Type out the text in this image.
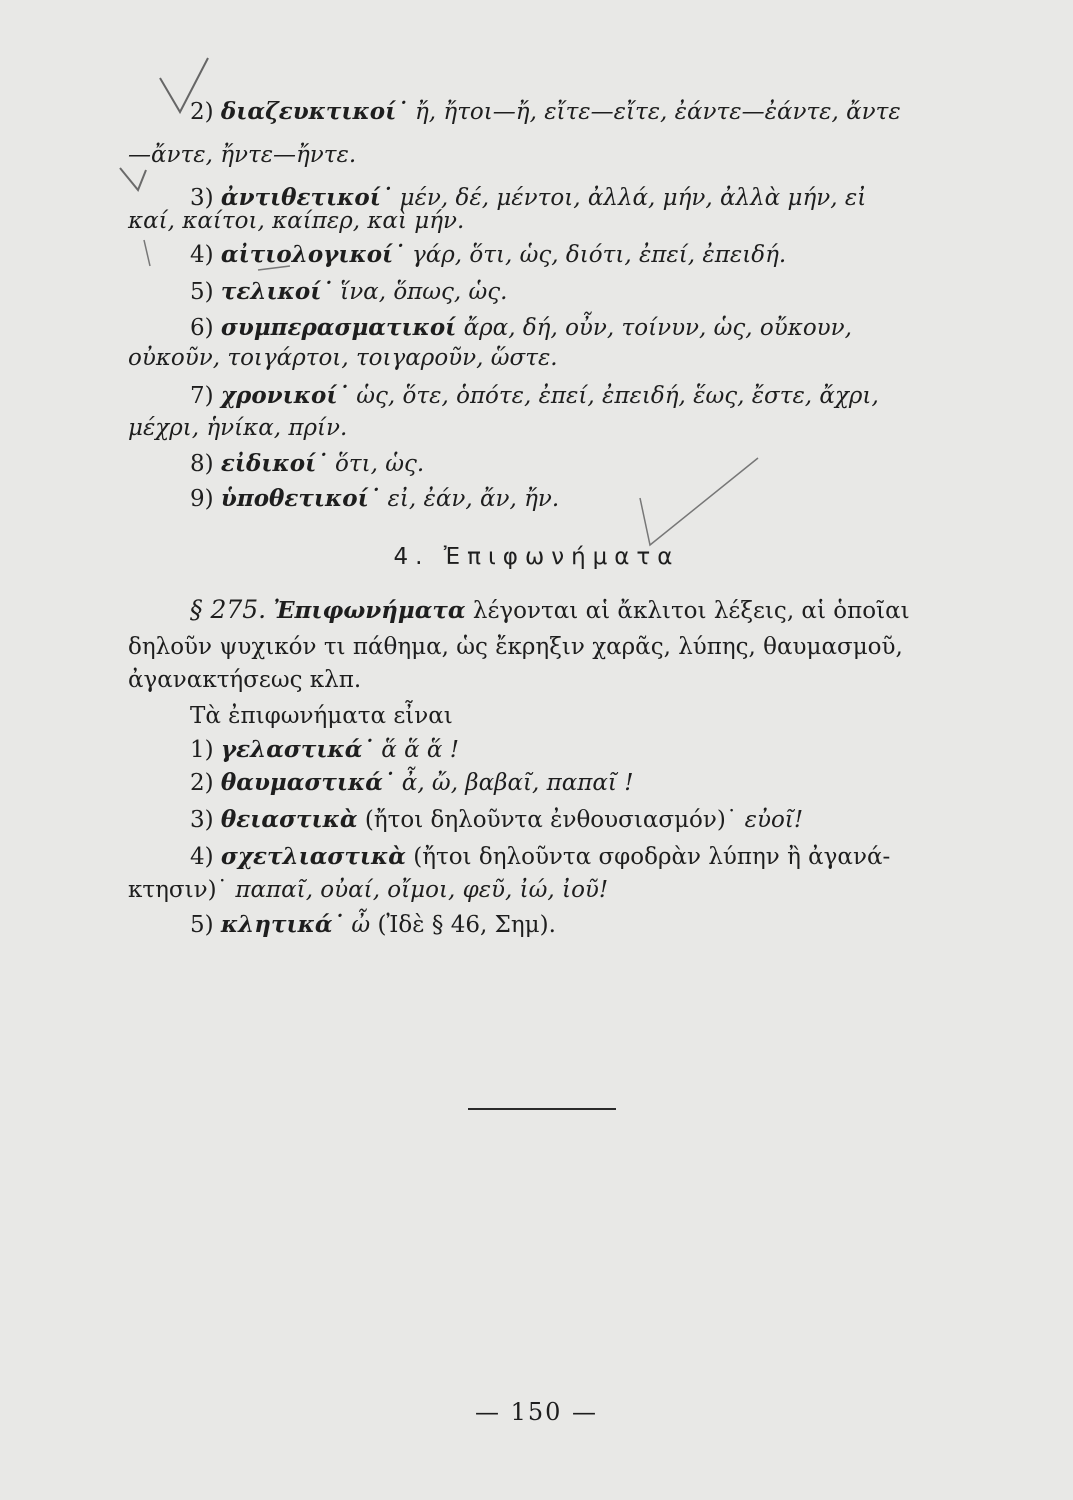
2) διαζευκτικοί˙ ἤ, ἤτοι—ἤ, εἴτε—εἴτε, ἐάντε—ἐάντε, ἄντε
—ἄντε, ἤντε—ἤντε.
3) ἀντιθετικοί˙ μέν, δέ, μέντοι, ἀλλά, μήν, ἀλλὰ μήν, εἰ
καί, καίτοι, καίπερ, καὶ μήν.
4) αἰτιολογικοί˙ γάρ, ὅτι, ὡς, διότι, ἐπεί, ἐπειδή.
5) τελικοί˙ ἵνα, ὅπως, ὡς.
6) συμπερασματικοί ἄρα, δή, οὖν, τοίνυν, ὡς, οὔκουν,
οὐκοῦν, τοιγάρτοι, τοιγαροῦν, ὥστε.
7) χρονικοί˙ ὡς, ὅτε, ὁπότε, ἐπεί, ἐπειδή, ἕως, ἔστε, ἄχρι,
μέχρι, ἡνίκα, πρίν.
8) εἰδικοί˙ ὅτι, ὡς.
9) ὑποθετικοί˙ εἰ, ἐάν, ἄν, ἤν.
4. Ἐπιφωνήματα
§ 275. Ἐπιφωνήματα λέγονται αἱ ἄκλιτοι λέξεις, αἱ ὁποῖαι
δηλοῦν ψυχικόν τι πάθημα, ὡς ἔκρηξιν χαρᾶς, λύπης, θαυμασμοῦ,
ἀγανακτήσεως κλπ.
Τὰ ἐπιφωνήματα εἶναι
1) γελαστικά˙ ἅ ἅ ἅ !
2) θαυμαστικά˙ ἆ, ὤ, βαβαῖ, παπαῖ !
3) θειαστικὰ (ἤτοι δηλοῦντα ἐνθουσιασμόν)˙ εὐοῖ!
4) σχετλιαστικὰ (ἤτοι δηλοῦντα σφοδρὰν λύπην ἢ ἀγανά-
κτησιν)˙ παπαῖ, οὐαί, οἴμοι, φεῦ, ἰώ, ἰοῦ!
5) κλητικά˙ ὦ (Ἰδὲ § 46, Σημ).
— 150 —
